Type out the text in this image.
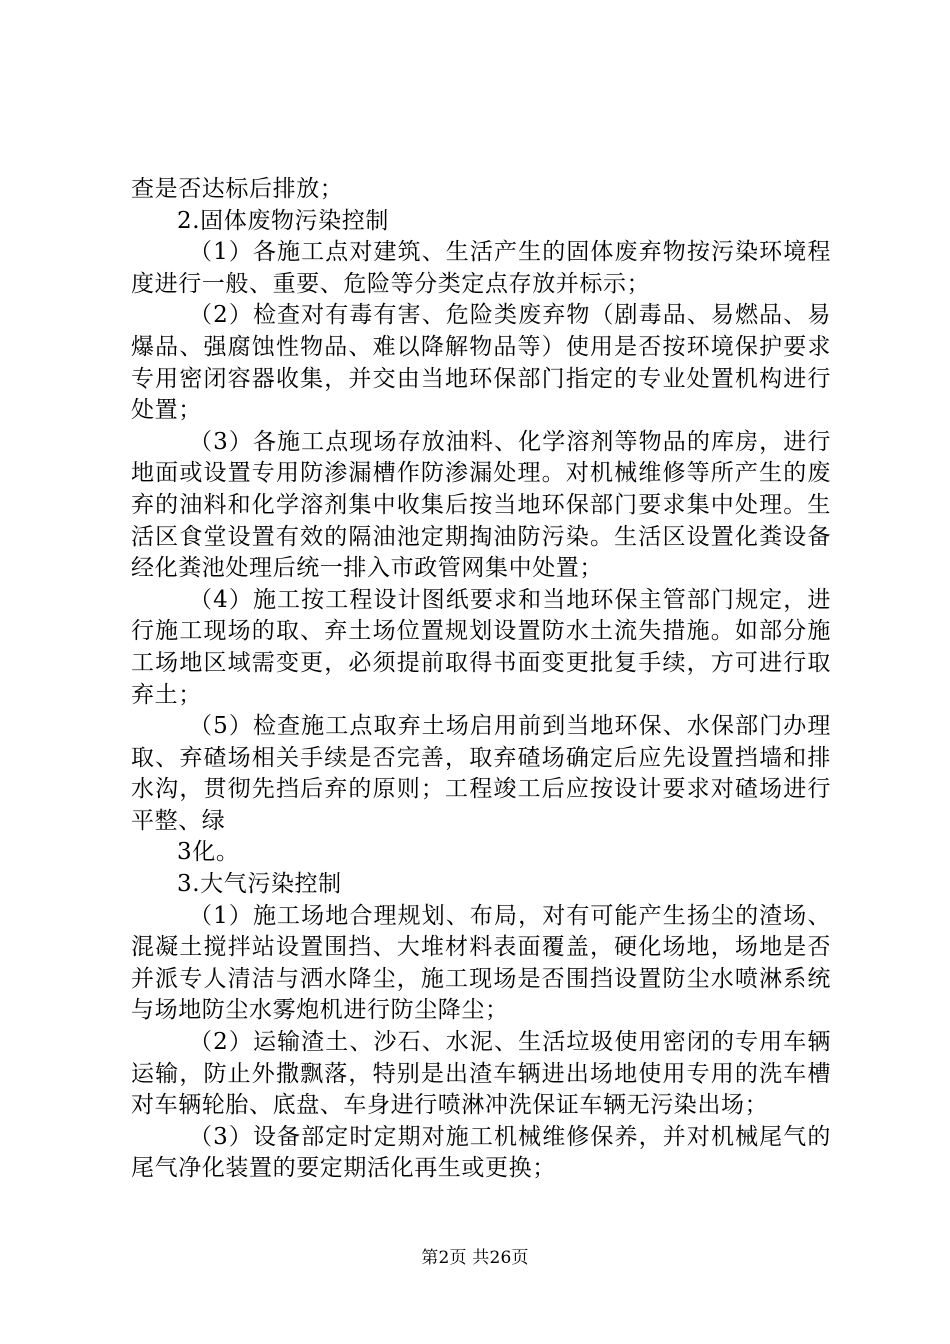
查是否达标后排放；

2.固体废物污染控制

（1）各施工点对建筑、生活产生的固体废弃物按污染环境程度进行一般、重要、危险等分类定点存放并标示；

（2）检查对有毒有害、危险类废弃物（剧毒品、易燃品、易爆品、强腐蚀性物品、难以降解物品等）使用是否按环境保护要求专用密闭容器收集，并交由当地环保部门指定的专业处置机构进行处置；

（3）各施工点现场存放油料、化学溶剂等物品的库房，进行地面或设置专用防渗漏槽作防渗漏处理。对机械维修等所产生的废弃的油料和化学溶剂集中收集后按当地环保部门要求集中处理。生活区食堂设置有效的隔油池定期掏油防污染。生活区设置化粪设备经化粪池处理后统一排入市政管网集中处置；

（4）施工按工程设计图纸要求和当地环保主管部门规定，进行施工现场的取、弃土场位置规划设置防水土流失措施。如部分施工场地区域需变更，必须提前取得书面变更批复手续，方可进行取弃土；

（5）检查施工点取弃土场启用前到当地环保、水保部门办理取、弃碴场相关手续是否完善，取弃碴场确定后应先设置挡墙和排水沟，贯彻先挡后弃的原则；工程竣工后应按设计要求对碴场进行平整、绿

3化。

3.大气污染控制

（1）施工场地合理规划、布局，对有可能产生扬尘的渣场、混凝土搅拌站设置围挡、大堆材料表面覆盖，硬化场地，场地是否并派专人清洁与洒水降尘，施工现场是否围挡设置防尘水喷淋系统与场地防尘水雾炮机进行防尘降尘；

（2）运输渣土、沙石、水泥、生活垃圾使用密闭的专用车辆运输，防止外撒飘落，特别是出渣车辆进出场地使用专用的洗车槽对车辆轮胎、底盘、车身进行喷淋冲洗保证车辆无污染出场；

（3）设备部定时定期对施工机械维修保养，并对机械尾气的尾气净化装置的要定期活化再生或更换；

第2页 共26页
